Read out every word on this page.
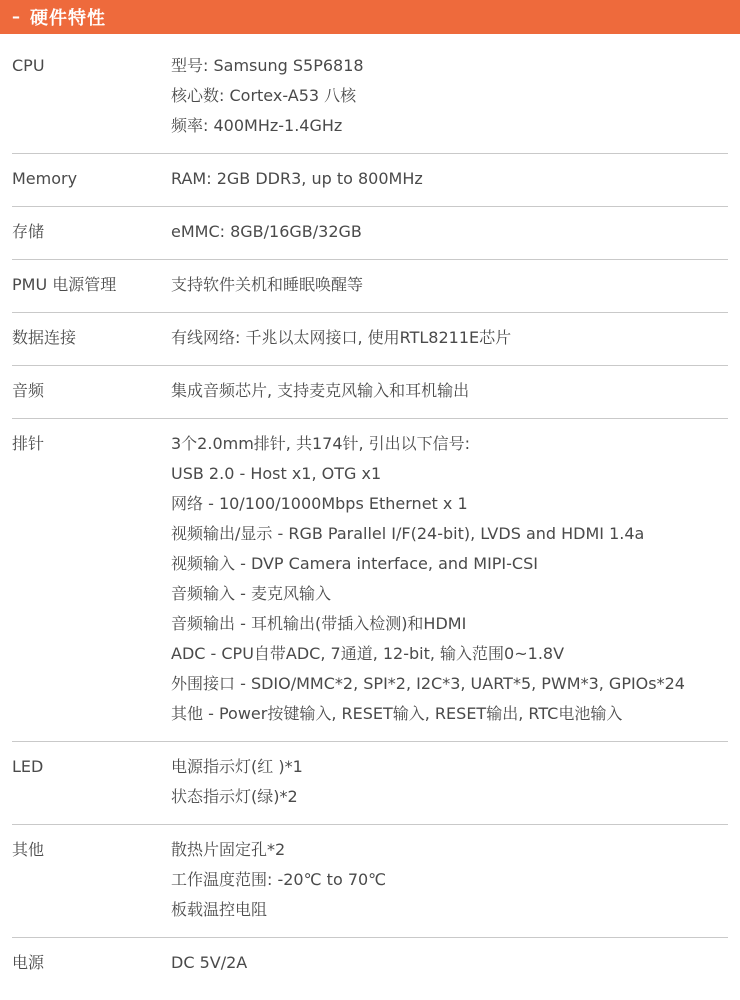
– 硬件特性
CPU	型号: Samsung S5P6818
核心数: Cortex-A53 八核
频率: 400MHz-1.4GHz
Memory	RAM: 2GB DDR3, up to 800MHz
存储	eMMC: 8GB/16GB/32GB
PMU 电源管理	支持软件关机和睡眠唤醒等
数据连接	有线网络: 千兆以太网接口, 使用RTL8211E芯片
音频	集成音频芯片, 支持麦克风输入和耳机输出
排针	3个2.0mm排针, 共174针, 引出以下信号:
USB 2.0 - Host x1, OTG x1
网络 - 10/100/1000Mbps Ethernet x 1
视频输出/显示 - RGB Parallel I/F(24-bit), LVDS and HDMI 1.4a
视频输入 - DVP Camera interface, and MIPI-CSI
音频输入 - 麦克风输入
音频输出 - 耳机输出(带插入检测)和HDMI
ADC - CPU自带ADC, 7通道, 12-bit, 输入范围0~1.8V
外围接口 - SDIO/MMC*2, SPI*2, I2C*3, UART*5, PWM*3, GPIOs*24
其他 - Power按键输入, RESET输入, RESET输出, RTC电池输入
LED	电源指示灯(红 )*1
状态指示灯(绿)*2
其他	散热片固定孔*2
工作温度范围: -20℃ to 70℃
板载温控电阻
电源	DC 5V/2A
